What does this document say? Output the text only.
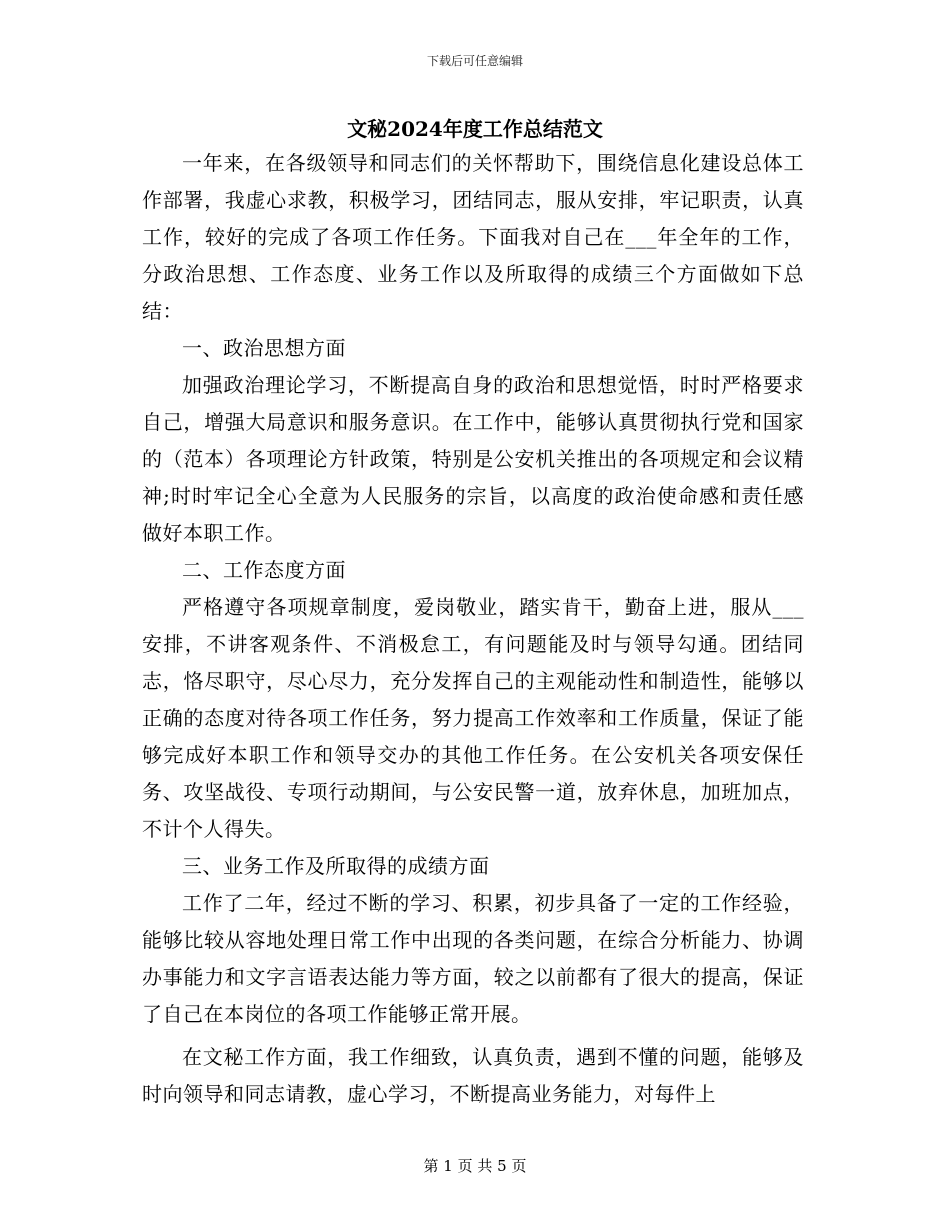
下载后可任意编辑
文秘2024年度工作总结范文

一年来，在各级领导和同志们的关怀帮助下，围绕信息化建设总体工作部署，我虚心求教，积极学习，团结同志，服从安排，牢记职责，认真工作，较好的完成了各项工作任务。下面我对自己在___年全年的工作，分政治思想、工作态度、业务工作以及所取得的成绩三个方面做如下总结：

一、政治思想方面

加强政治理论学习，不断提高自身的政治和思想觉悟，时时严格要求自己，增强大局意识和服务意识。在工作中，能够认真贯彻执行党和国家的（范本）各项理论方针政策，特别是公安机关推出的各项规定和会议精神;时时牢记全心全意为人民服务的宗旨，以高度的政治使命感和责任感做好本职工作。

二、工作态度方面

严格遵守各项规章制度，爱岗敬业，踏实肯干，勤奋上进，服从___安排，不讲客观条件、不消极怠工，有问题能及时与领导勾通。团结同志，恪尽职守，尽心尽力，充分发挥自己的主观能动性和制造性，能够以正确的态度对待各项工作任务，努力提高工作效率和工作质量，保证了能够完成好本职工作和领导交办的其他工作任务。在公安机关各项安保任务、攻坚战役、专项行动期间，与公安民警一道，放弃休息，加班加点，不计个人得失。

三、业务工作及所取得的成绩方面

工作了二年，经过不断的学习、积累，初步具备了一定的工作经验，能够比较从容地处理日常工作中出现的各类问题，在综合分析能力、协调办事能力和文字言语表达能力等方面，较之以前都有了很大的提高，保证了自己在本岗位的各项工作能够正常开展。

在文秘工作方面，我工作细致，认真负责，遇到不懂的问题，能够及时向领导和同志请教，虚心学习，不断提高业务能力，对每件上

第 1 页 共 5 页
